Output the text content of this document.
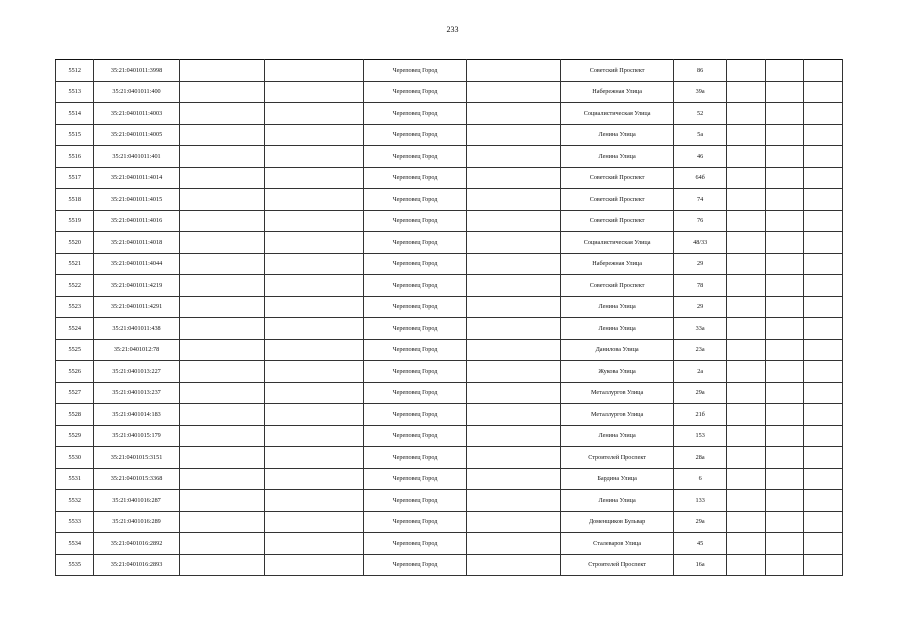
233
5512	35:21:0401011:3998			Череповец Город		Советский Проспект	86			
5513	35:21:0401011:400			Череповец Город		Набережная Улица	39а			
5514	35:21:0401011:4003			Череповец Город		Социалистическая Улица	52			
5515	35:21:0401011:4005			Череповец Город		Ленина Улица	5а			
5516	35:21:0401011:401			Череповец Город		Ленина Улица	46			
5517	35:21:0401011:4014			Череповец Город		Советский Проспект	64б			
5518	35:21:0401011:4015			Череповец Город		Советский Проспект	74			
5519	35:21:0401011:4016			Череповец Город		Советский Проспект	76			
5520	35:21:0401011:4018			Череповец Город		Социалистическая Улица	48/33			
5521	35:21:0401011:4044			Череповец Город		Набережная Улица	29			
5522	35:21:0401011:4219			Череповец Город		Советский Проспект	78			
5523	35:21:0401011:4291			Череповец Город		Ленина Улица	29			
5524	35:21:0401011:438			Череповец Город		Ленина Улица	33а			
5525	35:21:0401012:78			Череповец Город		Данилова Улица	23а			
5526	35:21:0401013:227			Череповец Город		Жукова Улица	2а			
5527	35:21:0401013:237			Череповец Город		Металлургов Улица	29а			
5528	35:21:0401014:183			Череповец Город		Металлургов Улица	21б			
5529	35:21:0401015:179			Череповец Город		Ленина Улица	153			
5530	35:21:0401015:3151			Череповец Город		Строителей Проспект	28а			
5531	35:21:0401015:3368			Череповец Город		Бардина Улица	6			
5532	35:21:0401016:287			Череповец Город		Ленина Улица	133			
5533	35:21:0401016:289			Череповец Город		Доменщиков Бульвар	29а			
5534	35:21:0401016:2892			Череповец Город		Сталеваров Улица	45			
5535	35:21:0401016:2893			Череповец Город		Строителей Проспект	16а			
